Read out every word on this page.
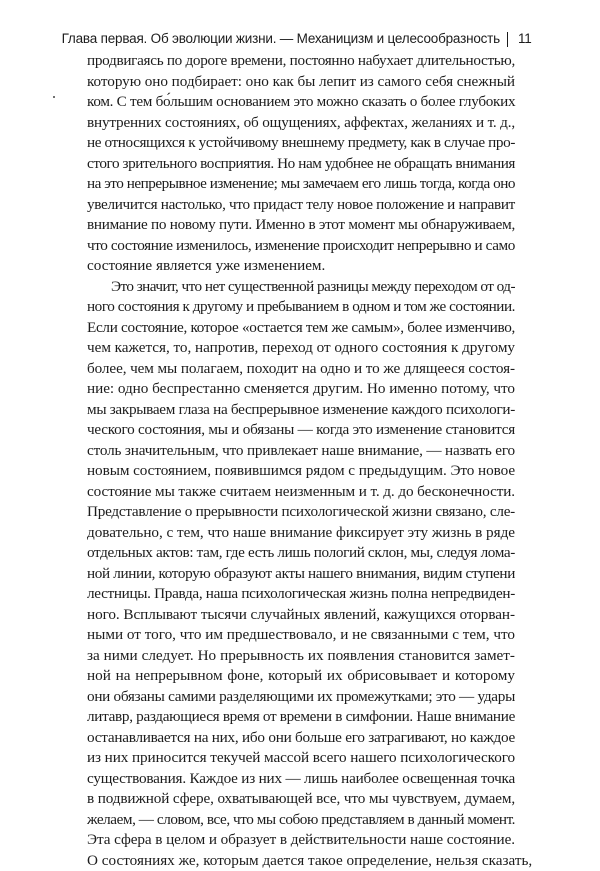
Глава первая. Об эволюции жизни. — Механицизм и целесообразность 11
продвигаясь по дороге времени, постоянно набухает длительностью,
которую оно подбирает: оно как бы лепит из самого себя снежный
ком. С тем бо́льшим основанием это можно сказать о более глубоких
внутренних состояниях, об ощущениях, аффектах, желаниях и т. д.,
не относящихся к устойчивому внешнему предмету, как в случае про-
стого зрительного восприятия. Но нам удобнее не обращать внимания
на это непрерывное изменение; мы замечаем его лишь тогда, когда оно
увеличится настолько, что придаст телу новое положение и направит
внимание по новому пути. Именно в этот момент мы обнаруживаем,
что состояние изменилось, изменение происходит непрерывно и само
состояние является уже изменением.
Это значит, что нет существенной разницы между переходом от од-
ного состояния к другому и пребыванием в одном и том же состоянии.
Если состояние, которое «остается тем же самым», более изменчиво,
чем кажется, то, напротив, переход от одного состояния к другому
более, чем мы полагаем, походит на одно и то же длящееся состоя-
ние: одно беспрестанно сменяется другим. Но именно потому, что
мы закрываем глаза на беспрерывное изменение каждого психологи-
ческого состояния, мы и обязаны — когда это изменение становится
столь значительным, что привлекает наше внимание, — назвать его
новым состоянием, появившимся рядом с предыдущим. Это новое
состояние мы также считаем неизменным и т. д. до бесконечности.
Представление о прерывности психологической жизни связано, сле-
довательно, с тем, что наше внимание фиксирует эту жизнь в ряде
отдельных актов: там, где есть лишь пологий склон, мы, следуя лома-
ной линии, которую образуют акты нашего внимания, видим ступени
лестницы. Правда, наша психологическая жизнь полна непредвиден-
ного. Всплывают тысячи случайных явлений, кажущихся оторван-
ными от того, что им предшествовало, и не связанными с тем, что
за ними следует. Но прерывность их появления становится замет-
ной на непрерывном фоне, который их обрисовывает и которому
они обязаны самими разделяющими их промежутками; это — удары
литавр, раздающиеся время от времени в симфонии. Наше внимание
останавливается на них, ибо они больше его затрагивают, но каждое
из них приносится текучей массой всего нашего психологического
существования. Каждое из них — лишь наиболее освещенная точка
в подвижной сфере, охватывающей все, что мы чувствуем, думаем,
желаем, — словом, все, что мы собою представляем в данный момент.
Эта сфера в целом и образует в действительности наше состояние.
О состояниях же, которым дается такое определение, нельзя сказать,
